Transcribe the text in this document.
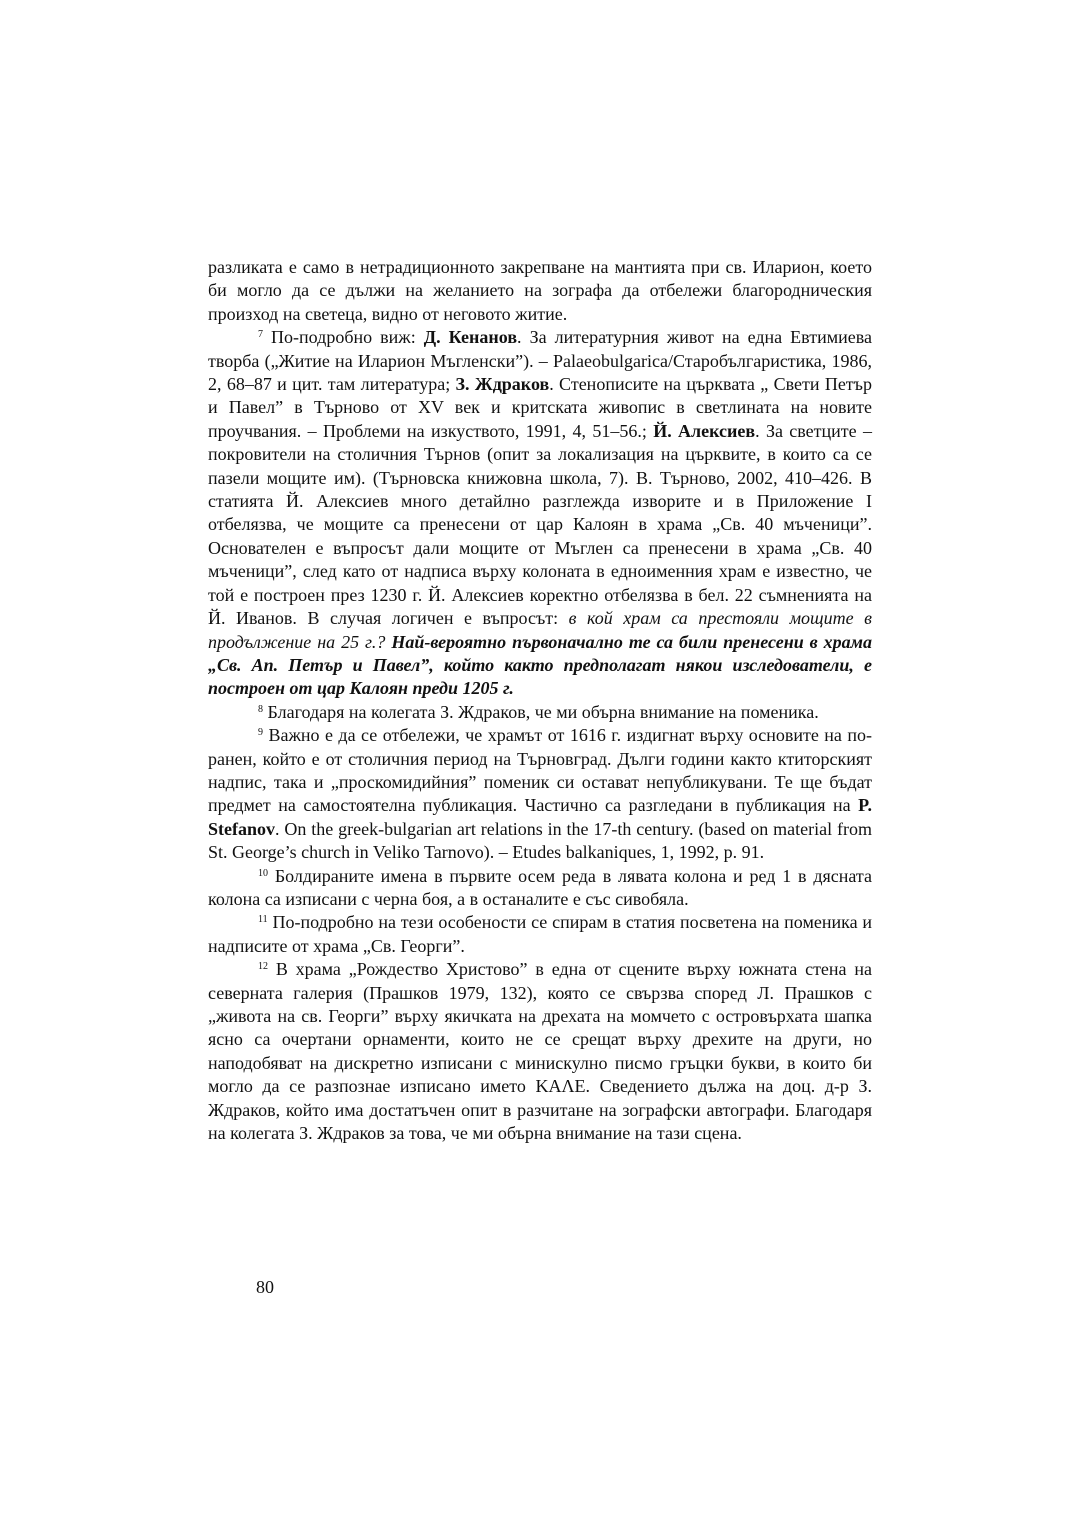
разликата е само в нетрадиционното закрепване на мантията при св. Иларион, което би могло да се дължи на желанието на зографа да отбележи благородническия произход на светеца, видно от неговото житие.

$^7$ По-подробно виж: Д. Кенанов. За литературния живот на една Евтимиева творба („Житие на Иларион Мъгленски”). – Palaeobulgarica/Старобългаристика, 1986, 2, 68–87 и цит. там литература; З. Ждраков. Стенописите на църквата „ Свети Петър и Павел” в Търново от XV век и критската живопис в светлината на новите проучвания. – Проблеми на изкуството, 1991, 4, 51–56.; Й. Алексиев. За светците – покровители на столичния Търнов (опит за локализация на църквите, в които са се пазели мощите им). (Търновска книжовна школа, 7). В. Търново, 2002, 410–426. В статията Й. Алексиев много детайлно разглежда изворите и в Приложение I отбелязва, че мощите са пренесени от цар Калоян в храма „Св. 40 мъченици”. Основателен е въпросът дали мощите от Мъглен са пренесени в храма „Св. 40 мъченици”, след като от надписа върху колоната в едноименния храм е известно, че той е построен през 1230 г. Й. Алексиев коректно отбелязва в бел. 22 съмненията на Й. Иванов. В случая логичен е въпросът: в кой храм са престояли мощите в продължение на 25 г.? Най-вероятно първоначално те са били пренесени в храма „Св. Ап. Петър и Павел”, който както предполагат някои изследователи, е построен от цар Калоян преди 1205 г.

$^8$ Благодаря на колегата З. Ждраков, че ми обърна внимание на поменика.

$^9$ Важно е да се отбележи, че храмът от 1616 г. издигнат върху основите на по-ранен, който е от столичния период на Търновград. Дълги години както ктиторският надпис, така и „проскомидийния” поменик си остават непубликувани. Те ще бъдат предмет на самостоятелна публикация. Частично са разгледани в публикация на P. Stefanov. On the greek-bulgarian art relations in the 17-th century. (based on material from St. George’s church in Veliko Tarnovo). – Etudes balkaniques, 1, 1992, p. 91.

$^{10}$ Болдираните имена в първите осем реда в лявата колона и ред 1 в дясната колона са изписани с черна боя, а в останалите е със сивобяла.

$^{11}$ По-подробно на тези особености се спирам в статия посветена на поменика и надписите от храма „Св. Георги”.

$^{12}$ В храма „Рождество Христово” в една от сцените върху южната стена на северната галерия (Прашков 1979, 132), която се свързва според Л. Прашков с „живота на св. Георги” върху якичката на дрехата на момчето с островърхата шапка ясно са очертани орнаменти, които не се срещат върху дрехите на други, но наподобяват на дискретно изписани с минискулно писмо гръцки букви, в които би могло да се разпознае изписано името ΚΑΛΕ. Сведението дължа на доц. д-р З. Ждраков, който има достатъчен опит в разчитане на зографски автографи. Благодаря на колегата З. Ждраков за това, че ми обърна внимание на тази сцена.

80
